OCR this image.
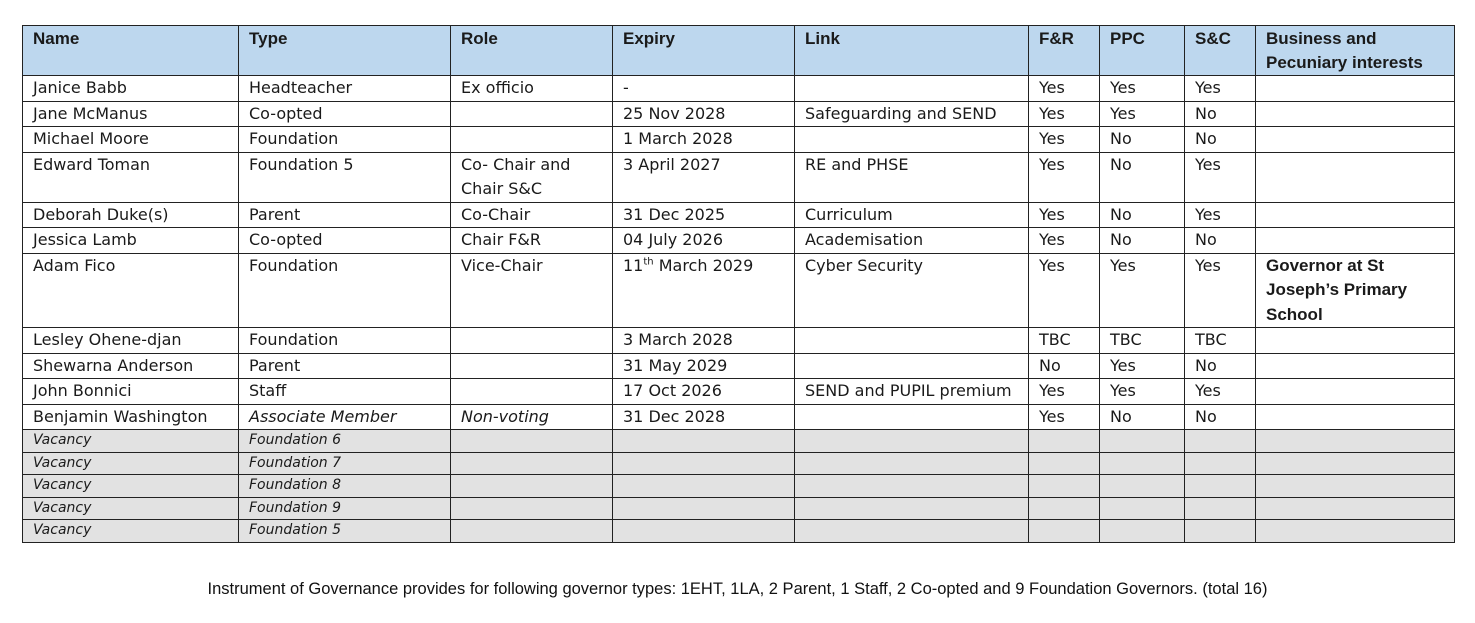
Name	Type	Role	Expiry	Link	F&R	PPC	S&C	Business and Pecuniary interests
Janice Babb	Headteacher	Ex officio	-		Yes	Yes	Yes	
Jane McManus	Co-opted		25 Nov 2028	Safeguarding and SEND	Yes	Yes	No	
Michael Moore	Foundation		1 March 2028		Yes	No	No	
Edward Toman	Foundation 5	Co- Chair and Chair S&C	3 April 2027	RE and PHSE	Yes	No	Yes	
Deborah Duke(s)	Parent	Co-Chair	31 Dec 2025	Curriculum	Yes	No	Yes	
Jessica Lamb	Co-opted	Chair F&R	04 July 2026	Academisation	Yes	No	No	
Adam Fico	Foundation	Vice-Chair	11th March 2029	Cyber Security	Yes	Yes	Yes	Governor at St Joseph’s Primary School
Lesley Ohene-djan	Foundation		3 March 2028		TBC	TBC	TBC	
Shewarna Anderson	Parent		31 May 2029		No	Yes	No	
John Bonnici	Staff		17 Oct 2026	SEND and PUPIL premium	Yes	Yes	Yes	
Benjamin Washington	Associate Member	Non-voting	31 Dec 2028		Yes	No	No	
Vacancy	Foundation 6							
Vacancy	Foundation 7							
Vacancy	Foundation 8							
Vacancy	Foundation 9							
Vacancy	Foundation 5							
Instrument of Governance provides for following governor types: 1EHT, 1LA, 2 Parent, 1 Staff, 2 Co-opted and 9 Foundation Governors. (total 16)
